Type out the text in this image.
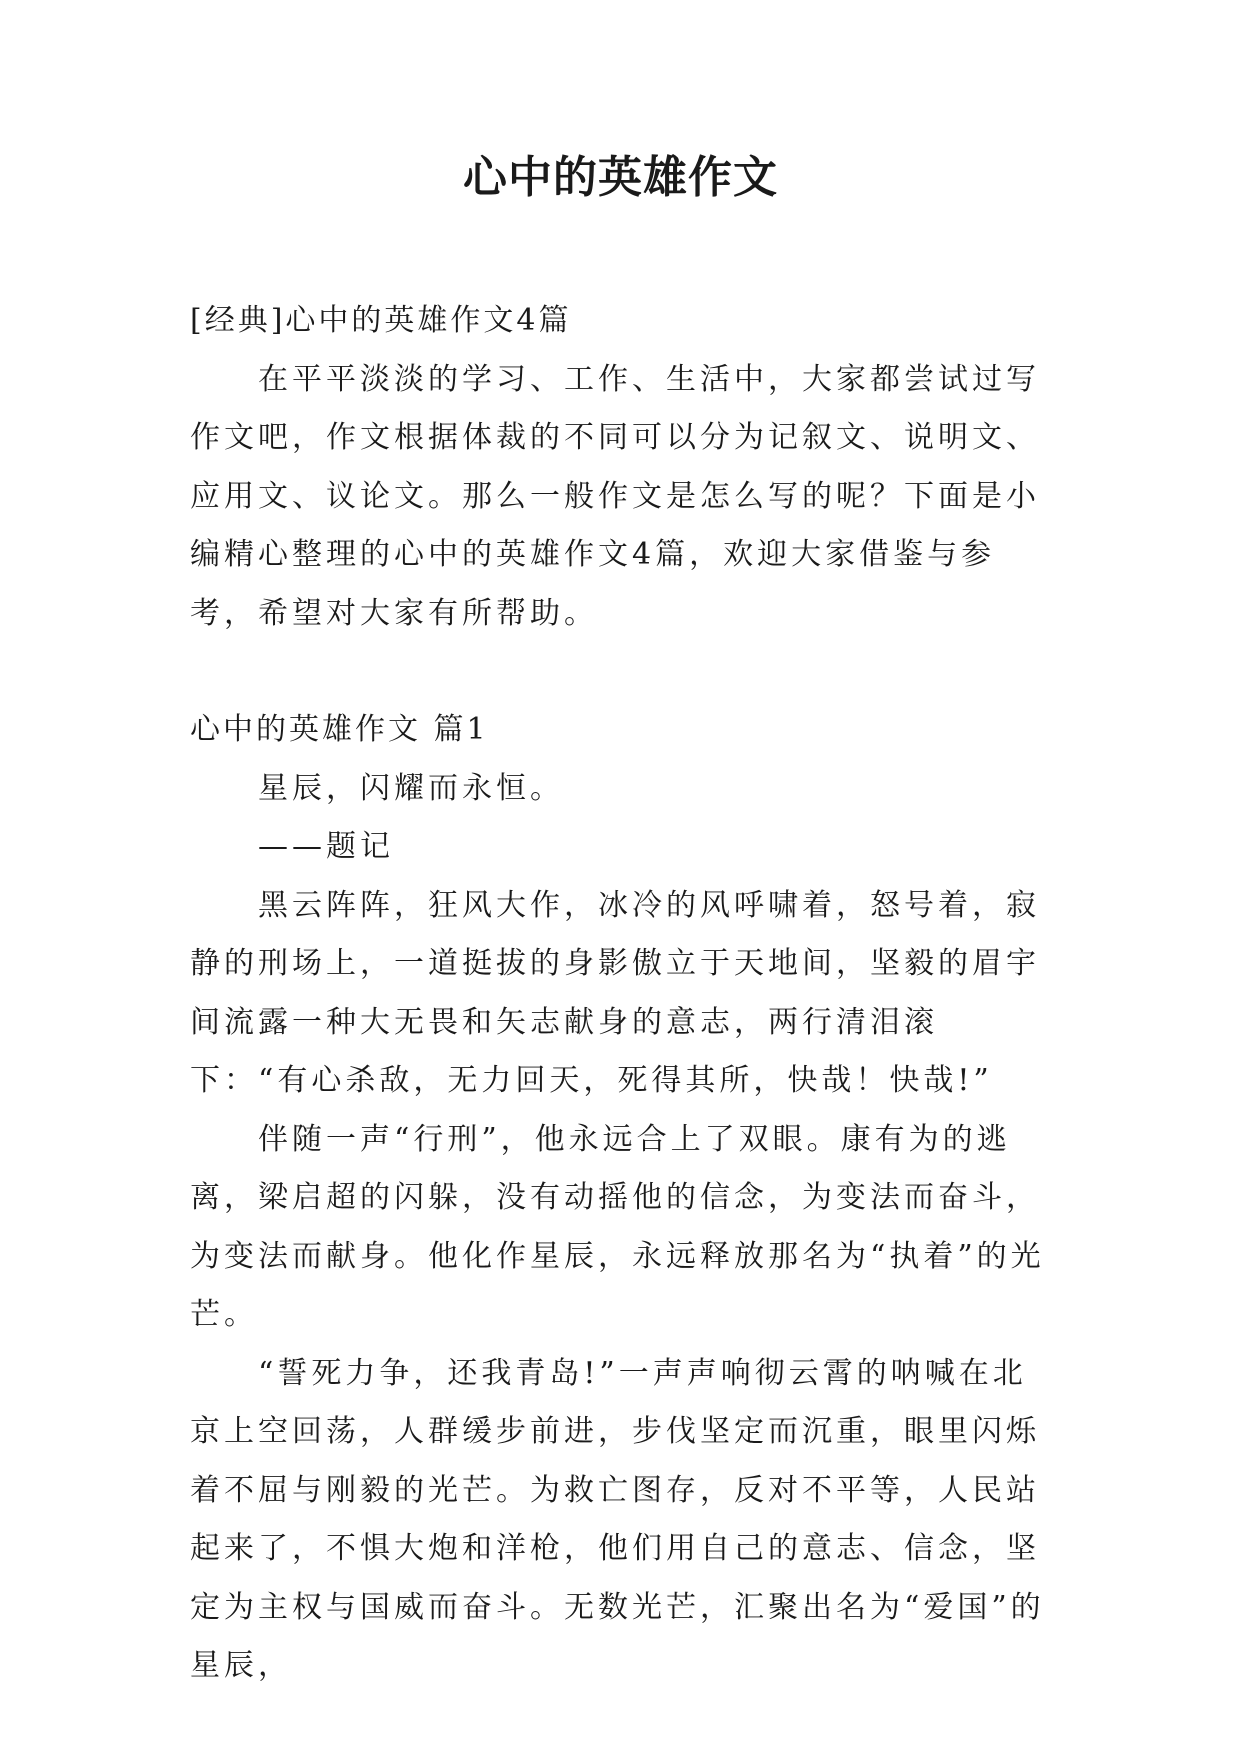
心中的英雄作文

[经典]心中的英雄作文4篇

在平平淡淡的学习、工作、生活中，大家都尝试过写作文吧，作文根据体裁的不同可以分为记叙文、说明文、应用文、议论文。那么一般作文是怎么写的呢？下面是小编精心整理的心中的英雄作文4篇，欢迎大家借鉴与参考，希望对大家有所帮助。

心中的英雄作文 篇1

星辰，闪耀而永恒。

——题记

黑云阵阵，狂风大作，冰冷的风呼啸着，怒号着，寂静的刑场上，一道挺拔的身影傲立于天地间，坚毅的眉宇间流露一种大无畏和矢志献身的意志，两行清泪滚下：“有心杀敌，无力回天，死得其所，快哉！快哉!”

伴随一声“行刑”，他永远合上了双眼。康有为的逃离，梁启超的闪躲，没有动摇他的信念，为变法而奋斗，为变法而献身。他化作星辰，永远释放那名为“执着”的光芒。

“誓死力争，还我青岛!”一声声响彻云霄的呐喊在北京上空回荡，人群缓步前进，步伐坚定而沉重，眼里闪烁着不屈与刚毅的光芒。为救亡图存，反对不平等，人民站起来了，不惧大炮和洋枪，他们用自己的意志、信念，坚定为主权与国威而奋斗。无数光芒，汇聚出名为“爱国”的星辰，
